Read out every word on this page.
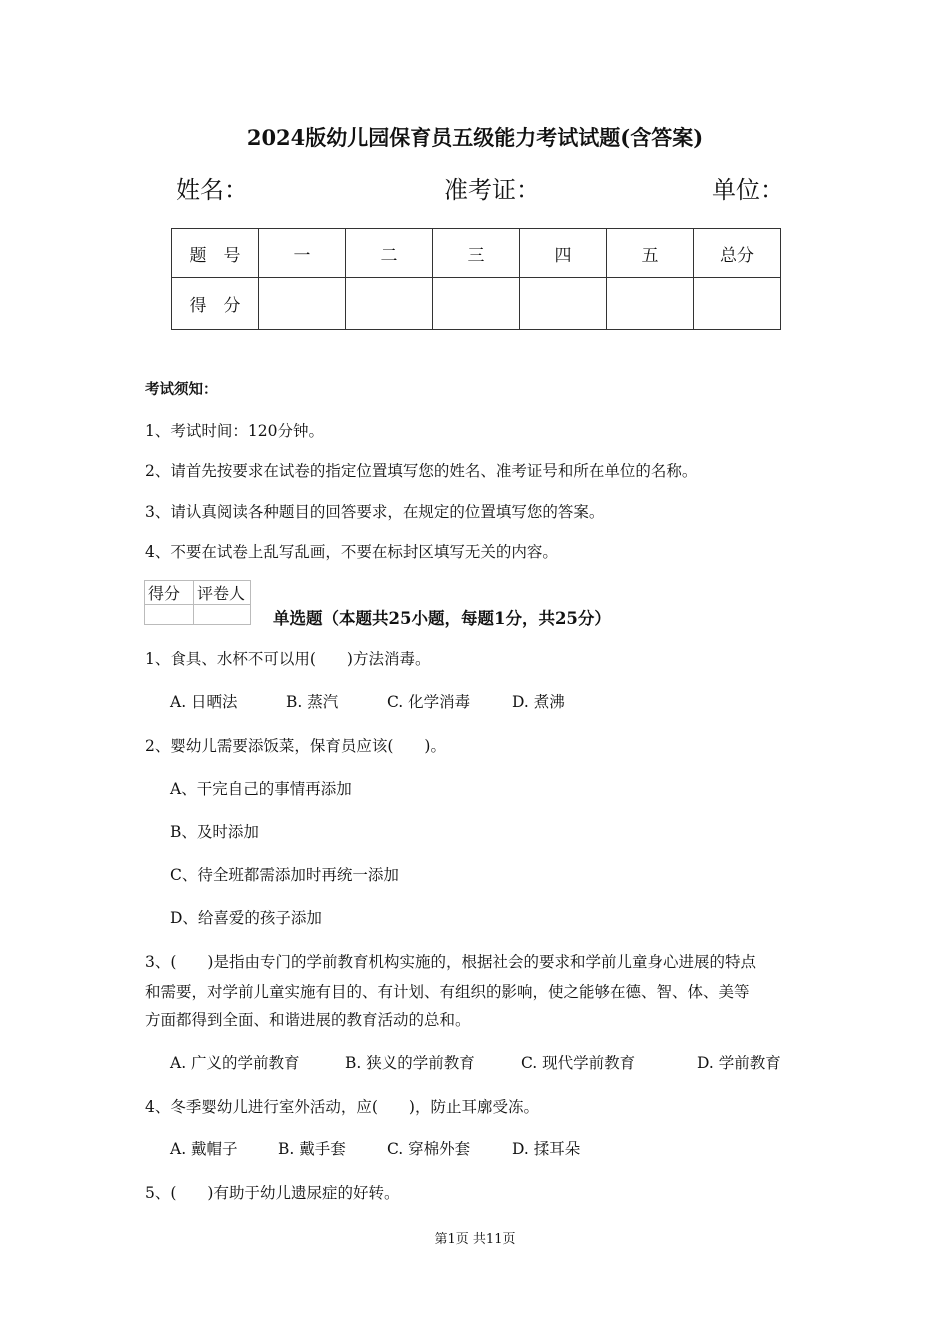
2024版幼儿园保育员五级能力考试试题(含答案)
姓名：	准考证：	单位：
题　号	一	二	三	四	五	总分
得　分						
考试须知：
1、考试时间：120分钟。
2、请首先按要求在试卷的指定位置填写您的姓名、准考证号和所在单位的名称。
3、请认真阅读各种题目的回答要求，在规定的位置填写您的答案。
4、不要在试卷上乱写乱画，不要在标封区填写无关的内容。
得分	评卷人

单选题（本题共25小题，每题1分，共25分）
1、食具、水杯不可以用(　　)方法消毒。
A. 日晒法	B. 蒸汽	C. 化学消毒	D. 煮沸
2、婴幼儿需要添饭菜，保育员应该(　　)。
A、干完自己的事情再添加
B、及时添加
C、待全班都需添加时再统一添加
D、给喜爱的孩子添加
3、(　　)是指由专门的学前教育机构实施的，根据社会的要求和学前儿童身心进展的特点
和需要，对学前儿童实施有目的、有计划、有组织的影响，使之能够在德、智、体、美等
方面都得到全面、和谐进展的教育活动的总和。
A. 广义的学前教育	B. 狭义的学前教育	C. 现代学前教育	D. 学前教育
4、冬季婴幼儿进行室外活动，应(　　)，防止耳廓受冻。
A. 戴帽子	B. 戴手套	C. 穿棉外套	D. 揉耳朵
5、(　　)有助于幼儿遗尿症的好转。
第1页 共11页
